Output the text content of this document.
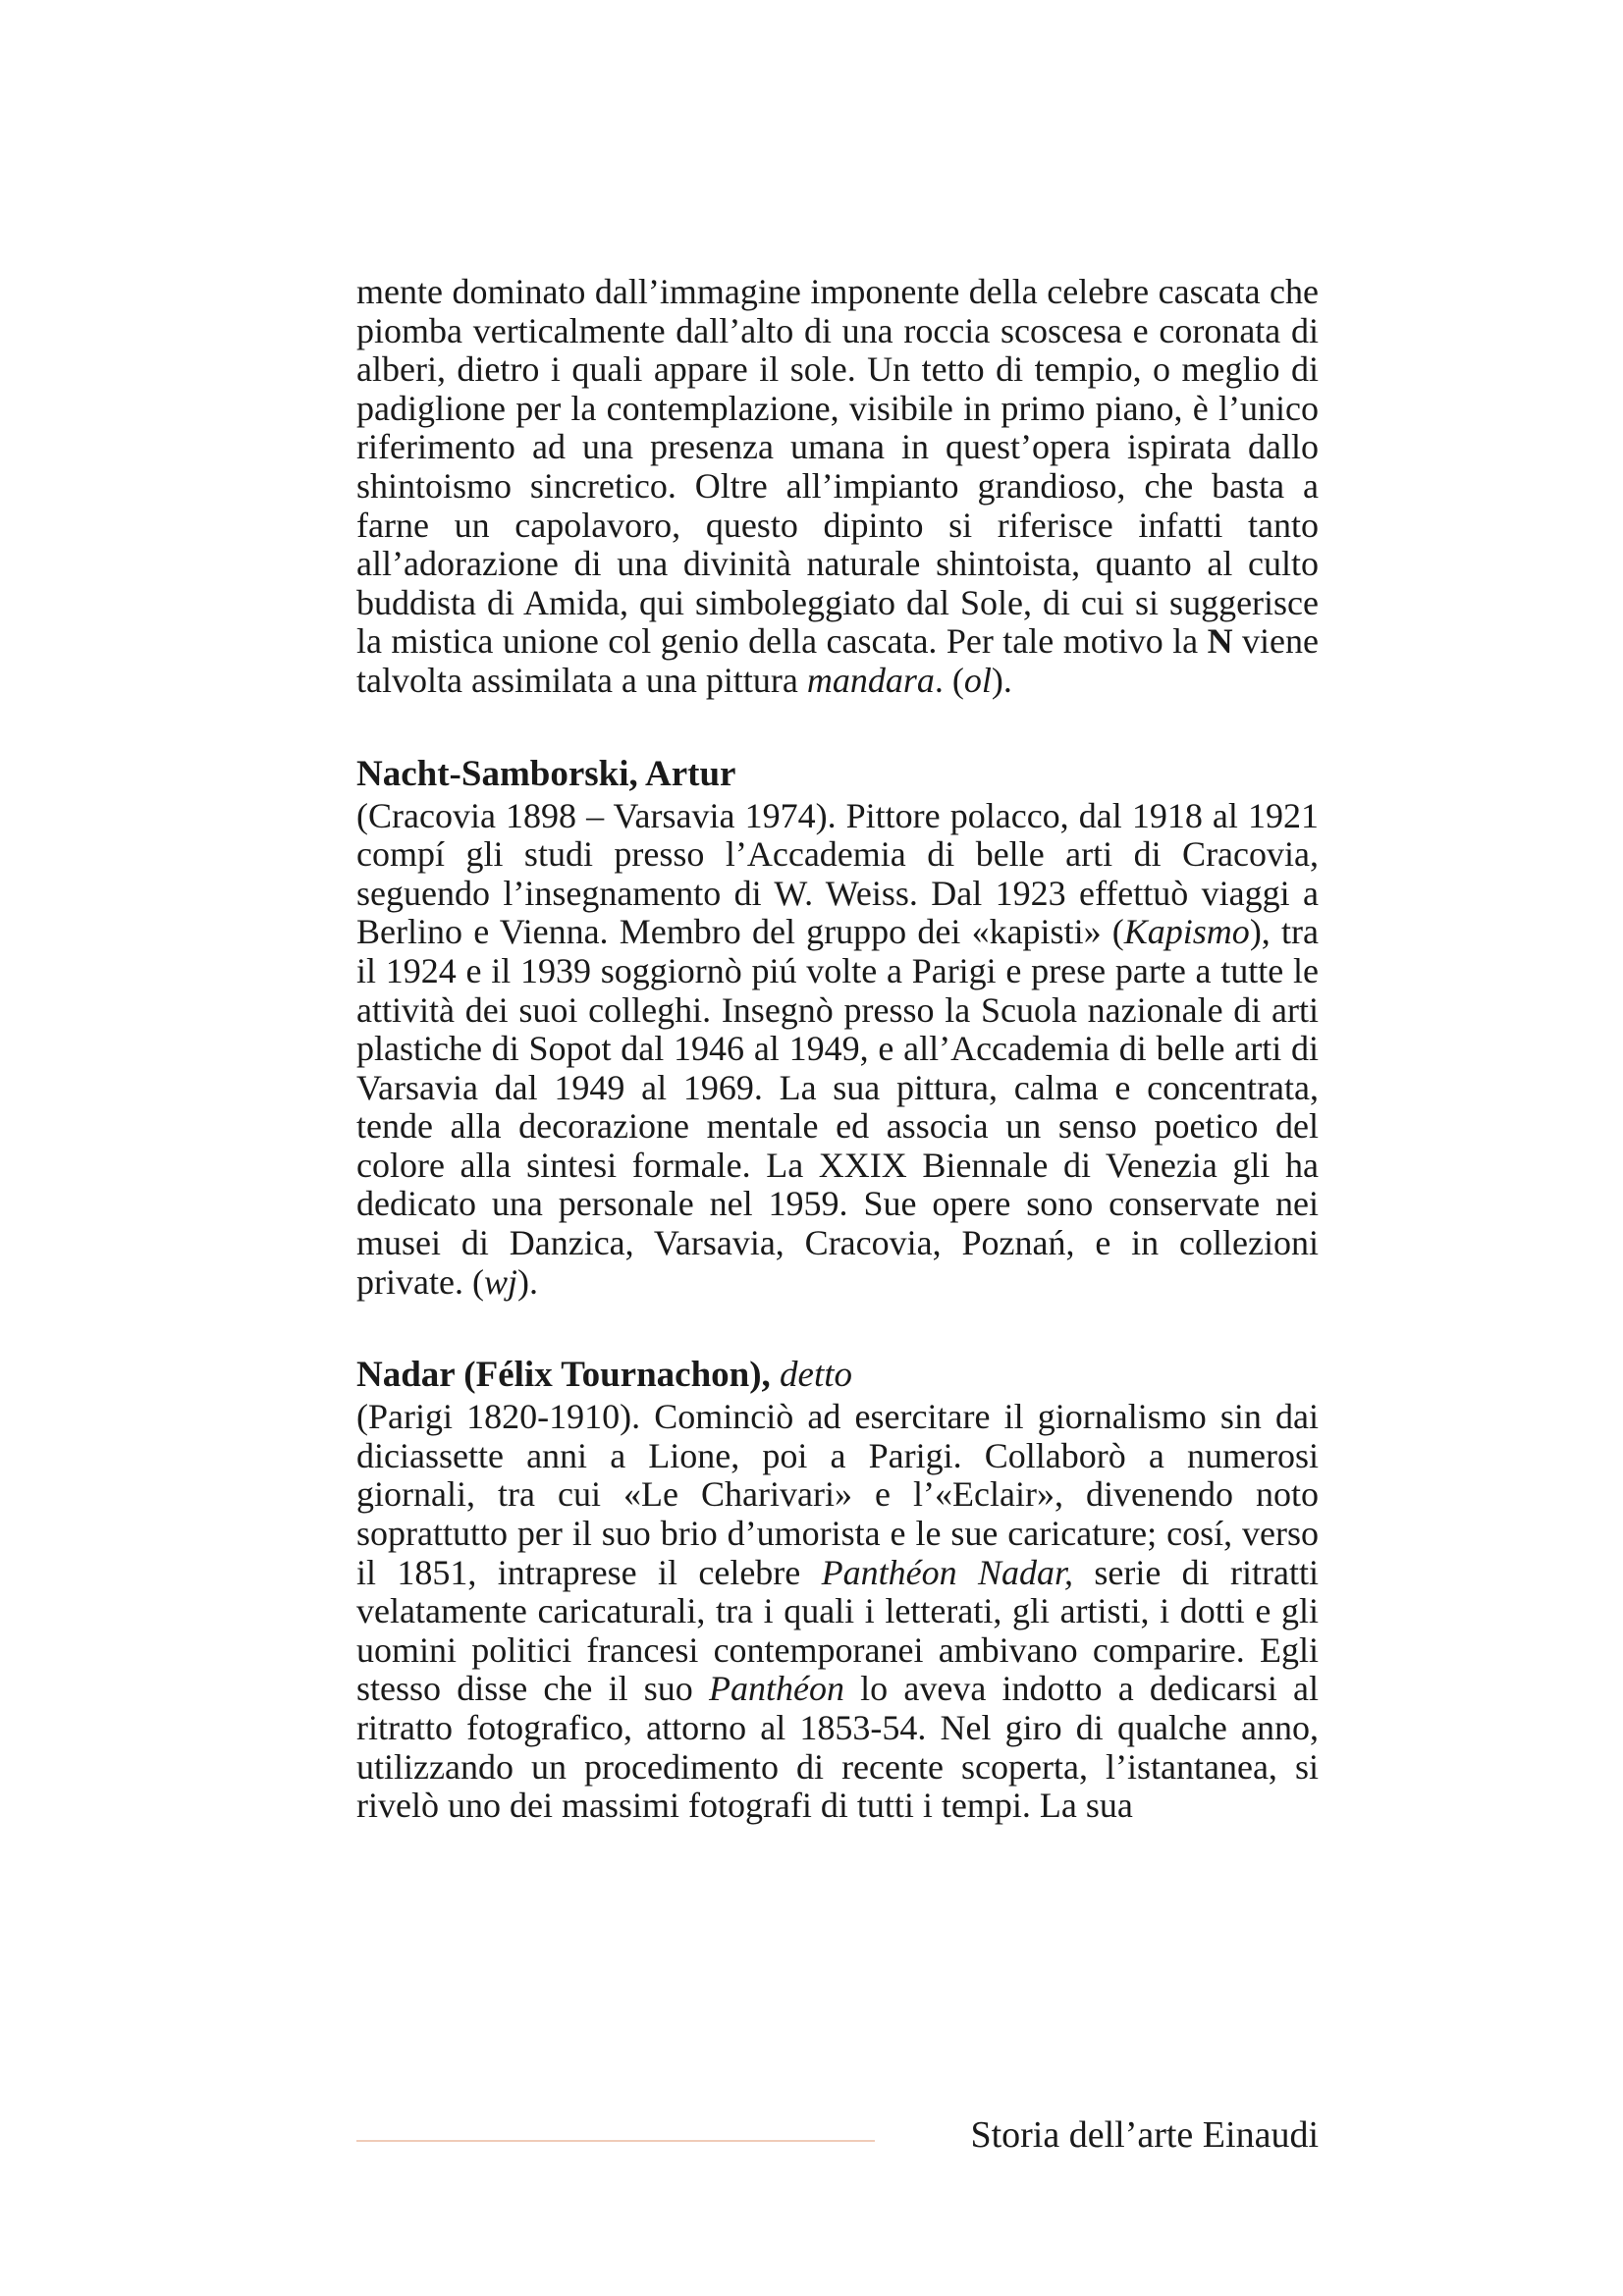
mente dominato dall’immagine imponente della celebre cascata che piomba verticalmente dall’alto di una roccia scoscesa e coronata di alberi, dietro i quali appare il sole. Un tetto di tempio, o meglio di padiglione per la contemplazione, visibile in primo piano, è l’unico riferimento ad una presenza umana in quest’opera ispirata dallo shintoismo sincretico. Oltre all’impianto grandioso, che basta a farne un capolavoro, questo dipinto si riferisce infatti tanto all’adorazione di una divinità naturale shintoista, quanto al culto buddista di Amida, qui simboleggiato dal Sole, di cui si suggerisce la mistica unione col genio della cascata. Per tale motivo la N viene talvolta assimilata a una pittura mandara. (ol).

Nacht-Samborski, Artur

(Cracovia 1898 – Varsavia 1974). Pittore polacco, dal 1918 al 1921 compí gli studi presso l’Accademia di belle arti di Cracovia, seguendo l’insegnamento di W. Weiss. Dal 1923 effettuò viaggi a Berlino e Vienna. Membro del gruppo dei «kapisti» (Kapismo), tra il 1924 e il 1939 soggiornò piú volte a Parigi e prese parte a tutte le attività dei suoi colleghi. Insegnò presso la Scuola nazionale di arti plastiche di Sopot dal 1946 al 1949, e all’Accademia di belle arti di Varsavia dal 1949 al 1969. La sua pittura, calma e concentrata, tende alla decorazione mentale ed associa un senso poetico del colore alla sintesi formale. La XXIX Biennale di Venezia gli ha dedicato una personale nel 1959. Sue opere sono conservate nei musei di Danzica, Varsavia, Cracovia, Poznań, e in collezioni private. (wj).

Nadar (Félix Tournachon), detto

(Parigi 1820-1910). Cominciò ad esercitare il giornalismo sin dai diciassette anni a Lione, poi a Parigi. Collaborò a numerosi giornali, tra cui «Le Charivari» e l’«Eclair», divenendo noto soprattutto per il suo brio d’umorista e le sue caricature; cosí, verso il 1851, intraprese il celebre Panthéon Nadar, serie di ritratti velatamente caricaturali, tra i quali i letterati, gli artisti, i dotti e gli uomini politici francesi contemporanei ambivano comparire. Egli stesso disse che il suo Panthéon lo aveva indotto a dedicarsi al ritratto fotografico, attorno al 1853-54. Nel giro di qualche anno, utilizzando un procedimento di recente scoperta, l’istantanea, si rivelò uno dei massimi fotografi di tutti i tempi. La sua

Storia dell’arte Einaudi
